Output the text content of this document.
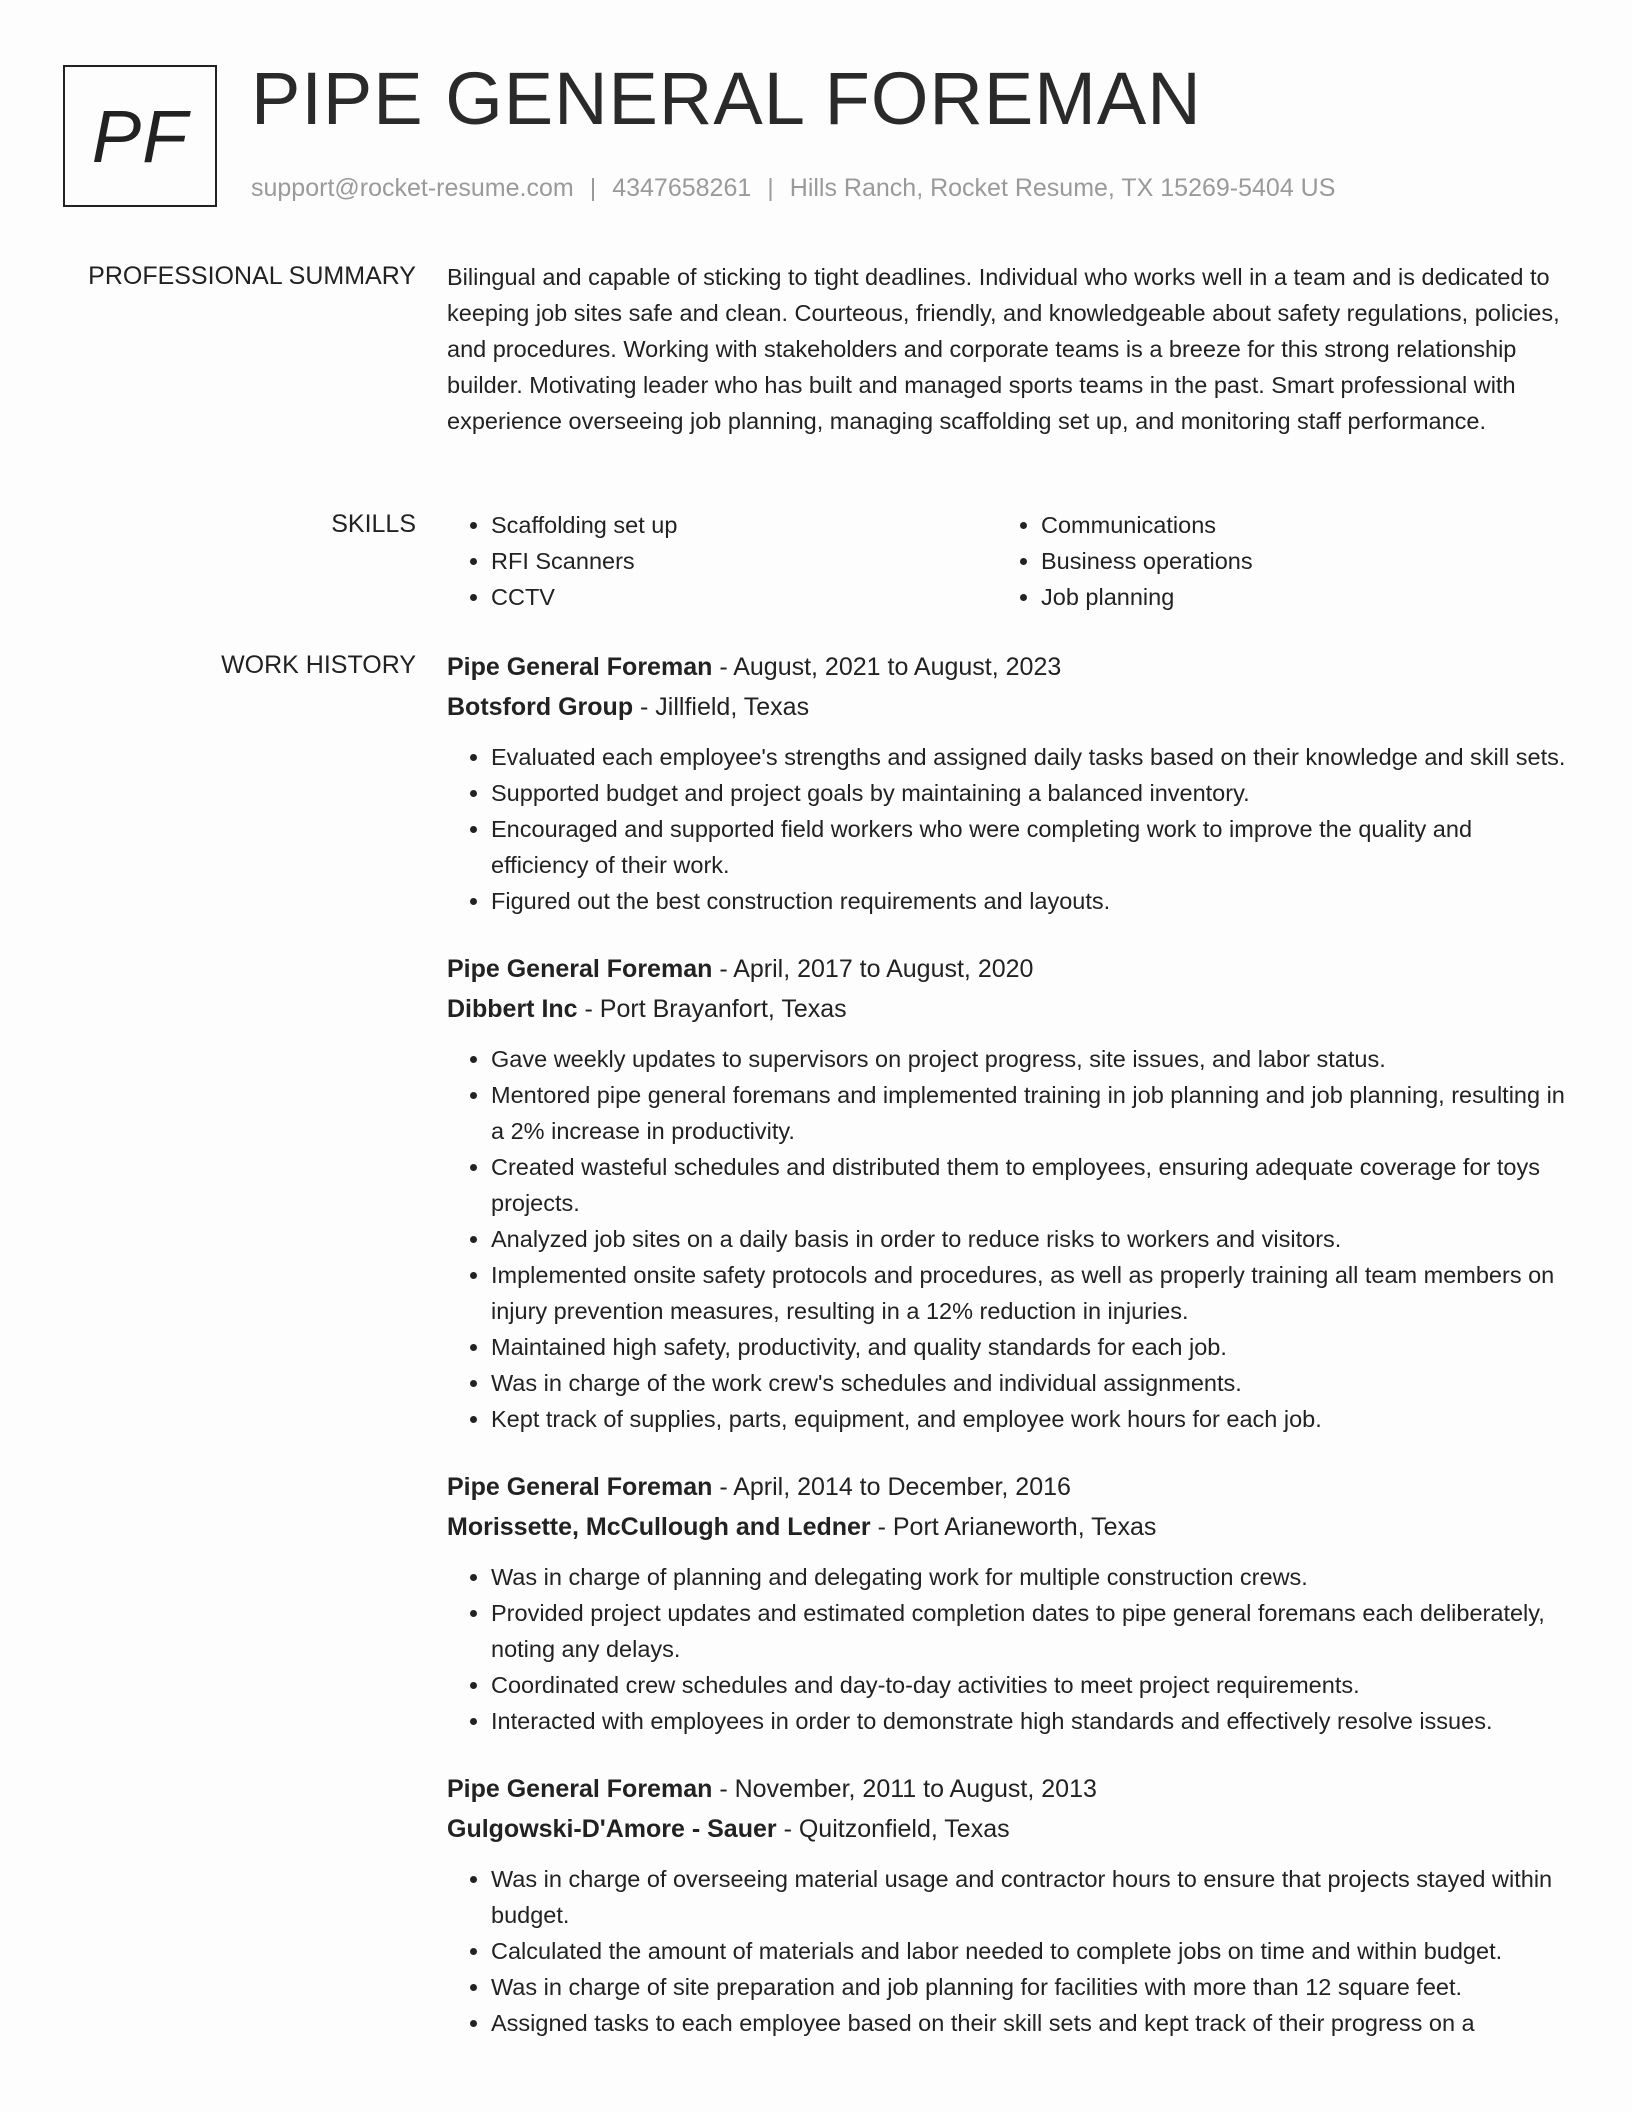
PF PIPE GENERAL FOREMAN
support@rocket-resume.com | 4347658261 | Hills Ranch, Rocket Resume, TX 15269-5404 US
PROFESSIONAL SUMMARY Bilingual and capable of sticking to tight deadlines. Individual who works well in a team and is dedicated to keeping job sites safe and clean. Courteous, friendly, and knowledgeable about safety regulations, policies, and procedures. Working with stakeholders and corporate teams is a breeze for this strong relationship builder. Motivating leader who has built and managed sports teams in the past. Smart professional with experience overseeing job planning, managing scaffolding set up, and monitoring staff performance.

SKILLS
•	Scaffolding set up
• RFI Scanners
• CCTV
• Communications
• Business operations
• Job planning
WORK HISTORY Pipe General Foreman - August, 2021 to August, 2023
Botsford Group - Jillfield, Texas
• Evaluated each employee's strengths and assigned daily tasks based on their knowledge and skill sets.
• Supported budget and project goals by maintaining a balanced inventory.
• Encouraged and supported field workers who were completing work to improve the quality and efficiency of their work.
• Figured out the best construction requirements and layouts.
Pipe General Foreman - April, 2017 to August, 2020
Dibbert Inc - Port Brayanfort, Texas
• Gave weekly updates to supervisors on project progress, site issues, and labor status.
• Mentored pipe general foremans and implemented training in job planning and job planning, resulting in a 2% increase in productivity.
• Created wasteful schedules and distributed them to employees, ensuring adequate coverage for toys projects.
• Analyzed job sites on a daily basis in order to reduce risks to workers and visitors.
• Implemented onsite safety protocols and procedures, as well as properly training all team members on injury prevention measures, resulting in a 12% reduction in injuries.
• Maintained high safety, productivity, and quality standards for each job.
• Was in charge of the work crew's schedules and individual assignments.
• Kept track of supplies, parts, equipment, and employee work hours for each job.
Pipe General Foreman - April, 2014 to December, 2016
Morissette, McCullough and Ledner - Port Arianeworth, Texas
• Was in charge of planning and delegating work for multiple construction crews.
• Provided project updates and estimated completion dates to pipe general foremans each deliberately, noting any delays.
• Coordinated crew schedules and day-to-day activities to meet project requirements.
• Interacted with employees in order to demonstrate high standards and effectively resolve issues.
Pipe General Foreman - November, 2011 to August, 2013
Gulgowski-D'Amore - Sauer - Quitzonfield, Texas
• Was in charge of overseeing material usage and contractor hours to ensure that projects stayed within budget.
• Calculated the amount of materials and labor needed to complete jobs on time and within budget.
• Was in charge of site preparation and job planning for facilities with more than 12 square feet.
• Assigned tasks to each employee based on their skill sets and kept track of their progress on a
